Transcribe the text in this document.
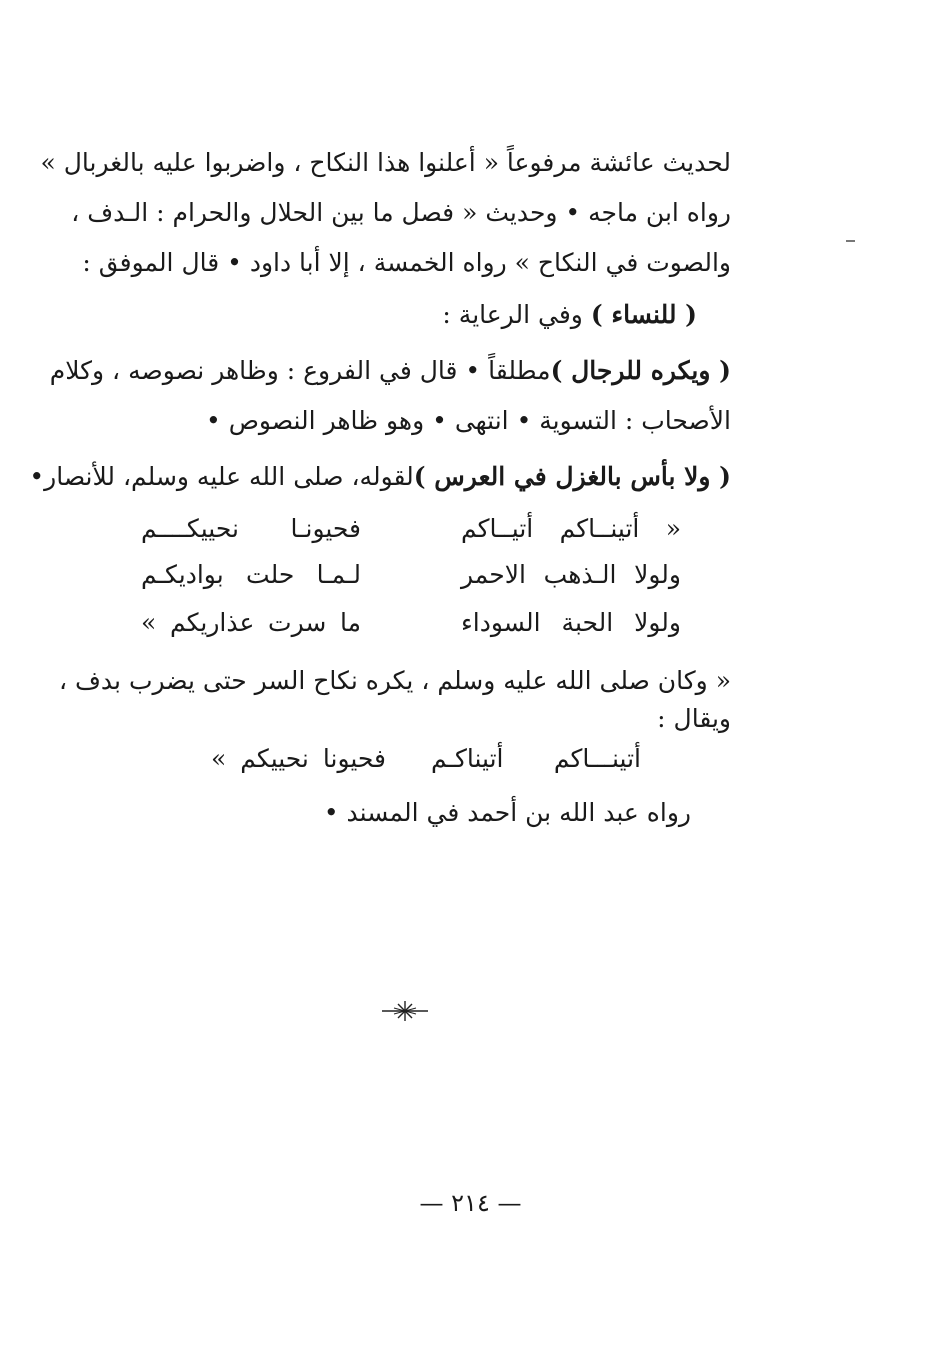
لحديث عائشة مرفوعاً « أعلنوا هذا النكاح ، واضربوا عليه بالغربال »
رواه ابن ماجه • وحديث « فصل ما بين الحلال والحرام : الـدف ،
والصوت في النكاح » رواه الخمسة ، إلا أبا داود • قال الموفق :
( للنساء ) وفي الرعاية :
( ويكره للرجال )مطلقاً • قال في الفروع : وظاهر نصوصه ، وكلام
الأصحاب : التسوية • انتهى • وهو ظاهر النصوص •
( ولا بأس بالغزل في العرس )لقوله، صلى الله عليه وسلم، للأنصار•
« أتينــاكم أتيــاكم
فحيونـا نحييكــــم
ولولا الـذهب الاحمر
لـمـا حلت بواديكـم
ولولا الحبة السوداء
ما سرت عذاريكم »
« وكان صلى الله عليه وسلم ، يكره نكاح السر حتى يضرب بدف ،
ويقال :
أتينـــاكم أتيناكـم
فحيونا نحييكم »
رواه عبد الله بن أحمد في المسند •
— ٢١٤ —
